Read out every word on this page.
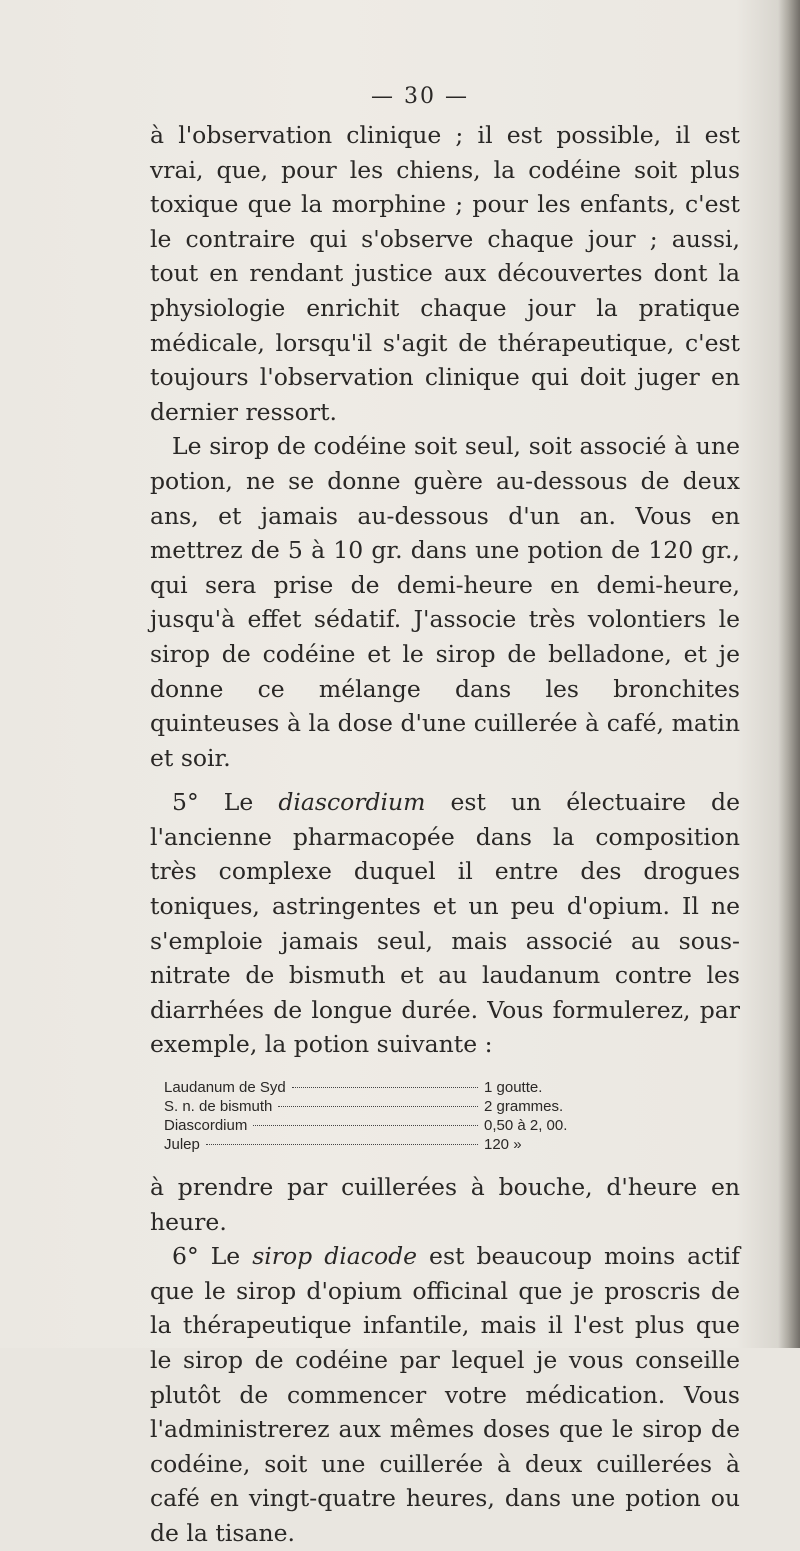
— 30 —

à l'observation clinique ; il est possible, il est vrai, que, pour les chiens, la codéine soit plus toxique que la morphine ; pour les enfants, c'est le contraire qui s'observe chaque jour ; aussi, tout en rendant justice aux découvertes dont la physiologie enrichit chaque jour la pratique médicale, lorsqu'il s'agit de thérapeutique, c'est toujours l'observation clinique qui doit juger en dernier ressort.

Le sirop de codéine soit seul, soit associé à une potion, ne se donne guère au-dessous de deux ans, et jamais au-dessous d'un an. Vous en mettrez de 5 à 10 gr. dans une potion de 120 gr., qui sera prise de demi-heure en demi-heure, jusqu'à effet sédatif. J'associe très volontiers le sirop de codéine et le sirop de belladone, et je donne ce mélange dans les bronchites quinteuses à la dose d'une cuillerée à café, matin et soir.

5° Le diascordium est un électuaire de l'ancienne pharmacopée dans la composition très complexe duquel il entre des drogues toniques, astringentes et un peu d'opium. Il ne s'emploie jamais seul, mais associé au sous-nitrate de bismuth et au laudanum contre les diarrhées de longue durée. Vous formulerez, par exemple, la potion suivante :

Laudanum de Syd	1 goutte.
S. n. de bismuth	2 grammes.
Diascordium	0,50 à 2, 00.
Julep	120 »

à prendre par cuillerées à bouche, d'heure en heure.

6° Le sirop diacode est beaucoup moins actif que le sirop d'opium officinal que je proscris de la thérapeutique infantile, mais il l'est plus que le sirop de codéine par lequel je vous conseille plutôt de commencer votre médication. Vous l'administrerez aux mêmes doses que le sirop de codéine, soit une cuillerée à deux cuillerées à café en vingt-quatre heures, dans une potion ou de la tisane.
